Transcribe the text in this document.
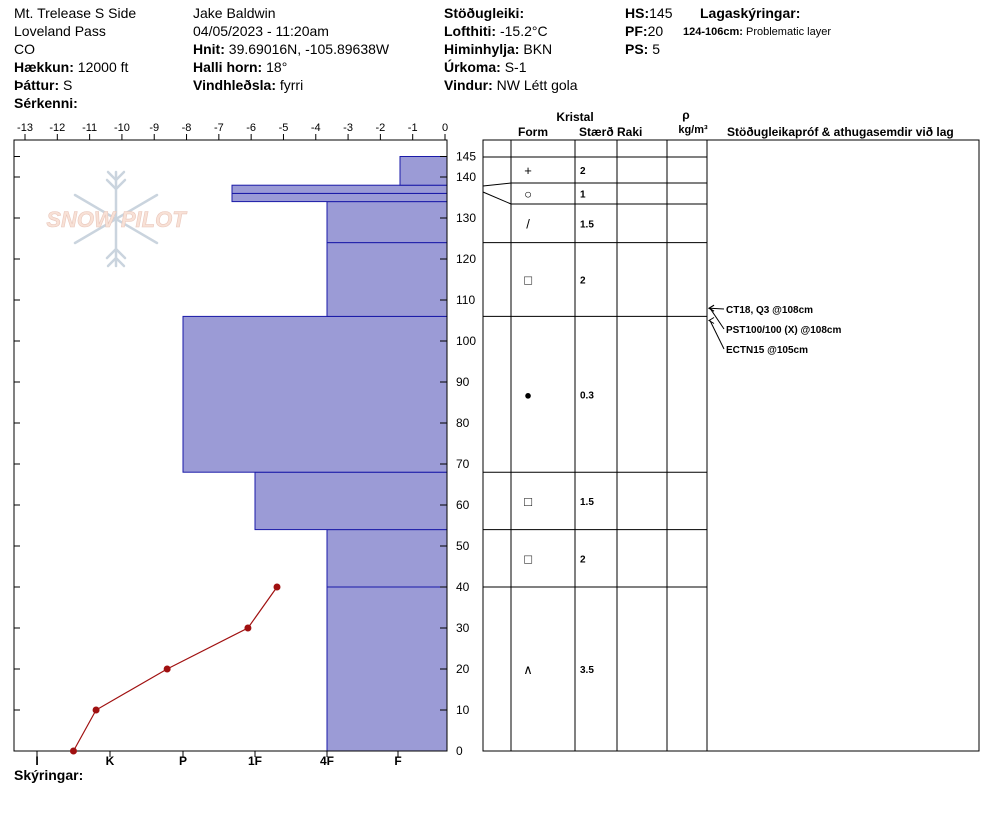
Mt. Trelease S Side
Loveland Pass
CO
Hækkun: 12000 ft
Þáttur: S
Sérkenni:
Jake Baldwin
04/05/2023 - 11:20am
Hnit: 39.69016N, -105.89638W
Halli horn: 18°
Vindhleðsla: fyrri
Stöðugleiki:
Lofthiti: -15.2°C
Himinhylja: BKN
Úrkoma: S-1
Vindur: NW Létt gola
HS:145
PF:20
PS: 5
Lagaskýringar:
124-106cm: Problematic layer
Skýringar:
SNOW PILOT
-13 -12 -11 -10 -9 -8 -7 -6 -5 -4 -3 -2 -1 0
0
10
20
30
40
50
60
70
80
90
100
110
120
130
140
145
I	K	P	1F	4F	F
Kristal
Form	Stærð Raki
ρ
kg/m³ Stöðugleikapróf & athugasemdir við lag
+	2
○	1
/	1.5
□	2
●	0.3
□	1.5
□	2
∧	3.5
CT18, Q3 @108cm
PST100/100 (X) @108cm
ECTN15 @105cm
